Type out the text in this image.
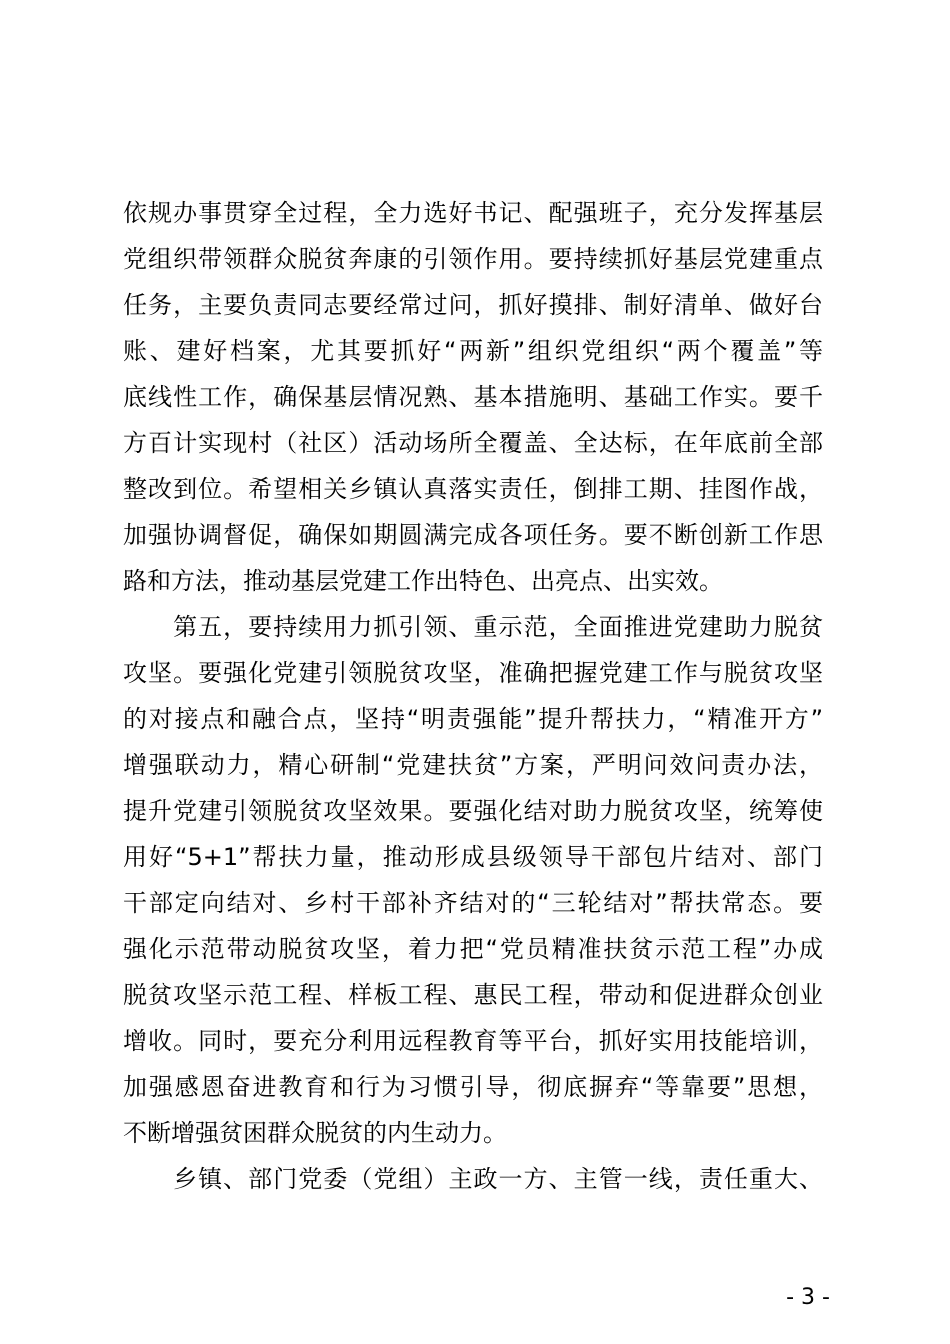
依规办事贯穿全过程，全力选好书记、配强班子，充分发挥基层
党组织带领群众脱贫奔康的引领作用。要持续抓好基层党建重点
任务，主要负责同志要经常过问，抓好摸排、制好清单、做好台
账、建好档案，尤其要抓好“两新”组织党组织“两个覆盖”等
底线性工作，确保基层情况熟、基本措施明、基础工作实。要千
方百计实现村（社区）活动场所全覆盖、全达标，在年底前全部
整改到位。希望相关乡镇认真落实责任，倒排工期、挂图作战，
加强协调督促，确保如期圆满完成各项任务。要不断创新工作思
路和方法，推动基层党建工作出特色、出亮点、出实效。
　　第五，要持续用力抓引领、重示范，全面推进党建助力脱贫
攻坚。要强化党建引领脱贫攻坚，准确把握党建工作与脱贫攻坚
的对接点和融合点，坚持“明责强能”提升帮扶力，“精准开方”
增强联动力，精心研制“党建扶贫”方案，严明问效问责办法，
提升党建引领脱贫攻坚效果。要强化结对助力脱贫攻坚，统筹使
用好“5+1”帮扶力量，推动形成县级领导干部包片结对、部门
干部定向结对、乡村干部补齐结对的“三轮结对”帮扶常态。要
强化示范带动脱贫攻坚，着力把“党员精准扶贫示范工程”办成
脱贫攻坚示范工程、样板工程、惠民工程，带动和促进群众创业
增收。同时，要充分利用远程教育等平台，抓好实用技能培训，
加强感恩奋进教育和行为习惯引导，彻底摒弃“等靠要”思想，
不断增强贫困群众脱贫的内生动力。
　　乡镇、部门党委（党组）主政一方、主管一线，责任重大、
- 3 -
